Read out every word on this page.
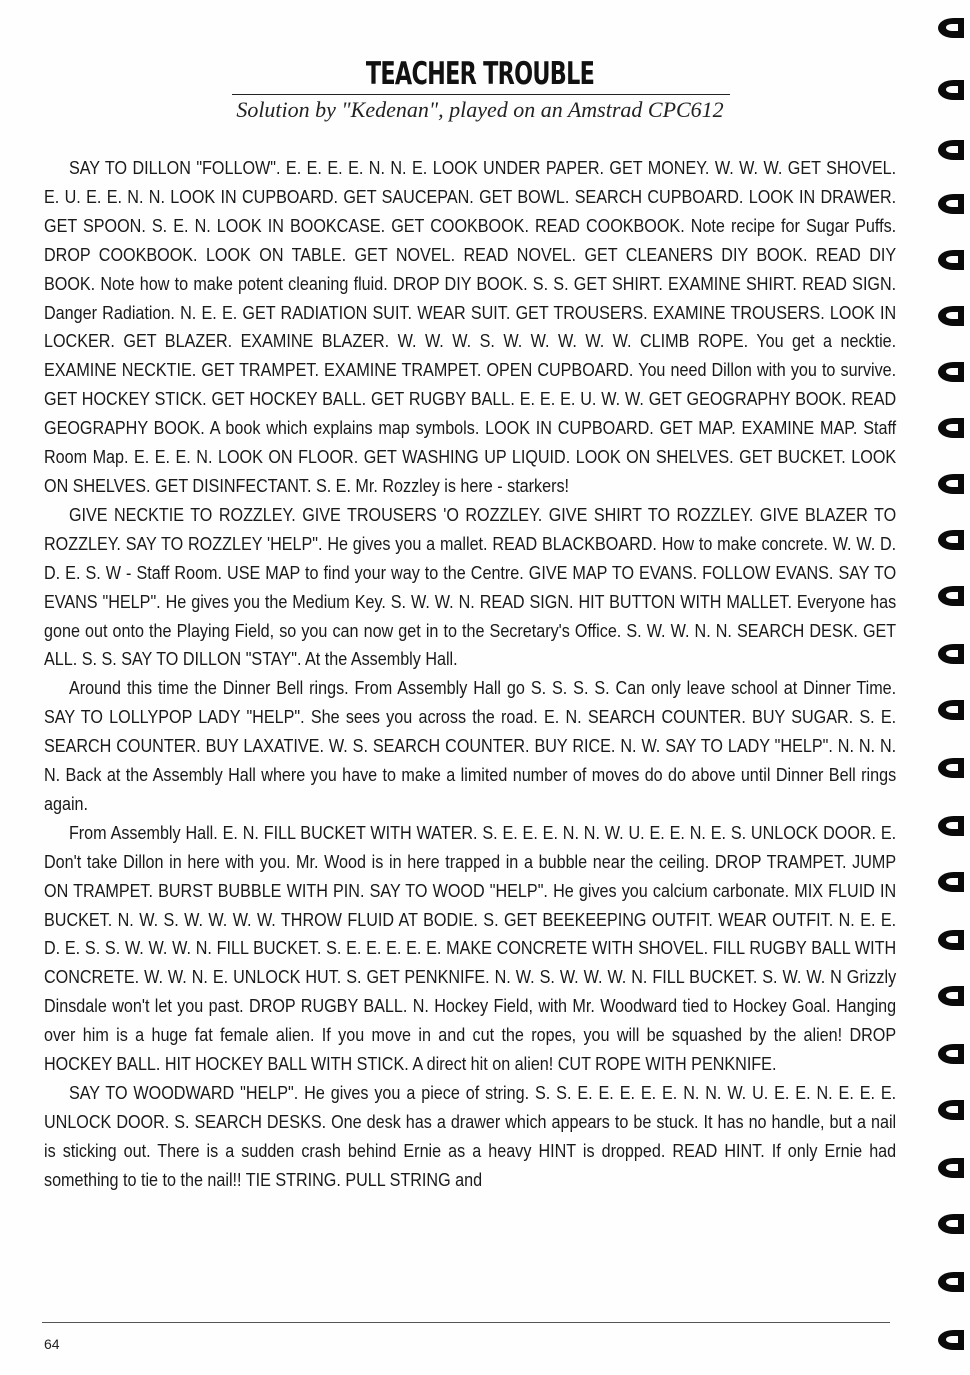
TEACHER TROUBLE
Solution by "Kedenan", played on an Amstrad CPC612

SAY TO DILLON "FOLLOW". E. E. E. E. N. N. E. LOOK UNDER PAPER. GET MONEY. W. W. W. GET SHOVEL. E. U. E. E. N. N. LOOK IN CUPBOARD. GET SAUCEPAN. GET BOWL. SEARCH CUPBOARD. LOOK IN DRAWER. GET SPOON. S. E. N. LOOK IN BOOKCASE. GET COOKBOOK. READ COOKBOOK. Note recipe for Sugar Puffs. DROP COOKBOOK. LOOK ON TABLE. GET NOVEL. READ NOVEL. GET CLEANERS DIY BOOK. READ DIY BOOK. Note how to make potent cleaning fluid. DROP DIY BOOK. S. S. GET SHIRT. EXAMINE SHIRT. READ SIGN. Danger Radiation. N. E. E. GET RADIATION SUIT. WEAR SUIT. GET TROUSERS. EXAMINE TROUSERS. LOOK IN LOCKER. GET BLAZER. EXAMINE BLAZER. W. W. W. S. W. W. W. W. W. CLIMB ROPE. You get a necktie. EXAMINE NECKTIE. GET TRAMPET. EXAMINE TRAMPET. OPEN CUPBOARD. You need Dillon with you to survive. GET HOCKEY STICK. GET HOCKEY BALL. GET RUGBY BALL. E. E. E. U. W. W. GET GEOGRAPHY BOOK. READ GEOGRAPHY BOOK. A book which explains map symbols. LOOK IN CUPBOARD. GET MAP. EXAMINE MAP. Staff Room Map. E. E. E. N. LOOK ON FLOOR. GET WASHING UP LIQUID. LOOK ON SHELVES. GET BUCKET. LOOK ON SHELVES. GET DISINFECTANT. S. E. Mr. Rozzley is here - starkers!

GIVE NECKTIE TO ROZZLEY. GIVE TROUSERS 'O ROZZLEY. GIVE SHIRT TO ROZZLEY. GIVE BLAZER TO ROZZLEY. SAY TO ROZZLEY 'HELP". He gives you a mallet. READ BLACKBOARD. How to make concrete. W. W. D. D. E. S. W - Staff Room. USE MAP to find your way to the Centre. GIVE MAP TO EVANS. FOLLOW EVANS. SAY TO EVANS "HELP". He gives you the Medium Key. S. W. W. N. READ SIGN. HIT BUTTON WITH MALLET. Everyone has gone out onto the Playing Field, so you can now get in to the Secretary's Office. S. W. W. N. N. SEARCH DESK. GET ALL. S. S. SAY TO DILLON "STAY". At the Assembly Hall.

Around this time the Dinner Bell rings. From Assembly Hall go S. S. S. S. Can only leave school at Dinner Time. SAY TO LOLLYPOP LADY "HELP". She sees you across the road. E. N. SEARCH COUNTER. BUY SUGAR. S. E. SEARCH COUNTER. BUY LAXATIVE. W. S. SEARCH COUNTER. BUY RICE. N. W. SAY TO LADY "HELP". N. N. N. N. Back at the Assembly Hall where you have to make a limited number of moves do do above until Dinner Bell rings again.

From Assembly Hall. E. N. FILL BUCKET WITH WATER. S. E. E. E. N. N. W. U. E. E. N. E. S. UNLOCK DOOR. E. Don't take Dillon in here with you. Mr. Wood is in here trapped in a bubble near the ceiling. DROP TRAMPET. JUMP ON TRAMPET. BURST BUBBLE WITH PIN. SAY TO WOOD "HELP". He gives you calcium carbonate. MIX FLUID IN BUCKET. N. W. S. W. W. W. W. THROW FLUID AT BODIE. S. GET BEEKEEPING OUTFIT. WEAR OUTFIT. N. E. E. D. E. S. S. W. W. W. N. FILL BUCKET. S. E. E. E. E. E. MAKE CONCRETE WITH SHOVEL. FILL RUGBY BALL WITH CONCRETE. W. W. N. E. UNLOCK HUT. S. GET PENKNIFE. N. W. S. W. W. W. N. FILL BUCKET. S. W. W. N Grizzly Dinsdale won't let you past. DROP RUGBY BALL. N. Hockey Field, with Mr. Woodward tied to Hockey Goal. Hanging over him is a huge fat female alien. If you move in and cut the ropes, you will be squashed by the alien! DROP HOCKEY BALL. HIT HOCKEY BALL WITH STICK. A direct hit on alien! CUT ROPE WITH PENKNIFE.

SAY TO WOODWARD "HELP". He gives you a piece of string. S. S. E. E. E. E. E. N. N. W. U. E. E. N. E. E. E. UNLOCK DOOR. S. SEARCH DESKS. One desk has a drawer which appears to be stuck. It has no handle, but a nail is sticking out. There is a sudden crash behind Ernie as a heavy HINT is dropped. READ HINT. If only Ernie had something to tie to the nail!! TIE STRING. PULL STRING and

64
